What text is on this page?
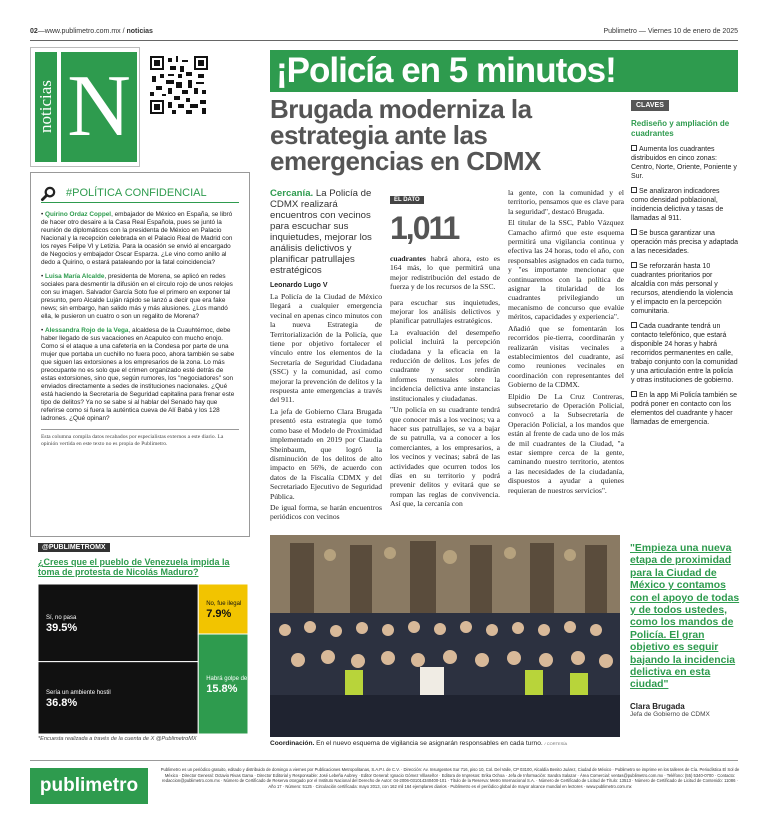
02—www.publimetro.com.mx / noticias	Publimetro — Viernes 10 de enero de 2025
noticias N	¡Policía en 5 minutos!
Brugada moderniza la estrategia ante las emergencias en CDMX
#POLÍTICA CONFIDENCIAL

• Quirino Ordaz Coppel, embajador de México en España, se libró de hacer otro desaire a la Casa Real Española, pues se juntó la reunión de diplomáticos con la presidenta de México en Palacio Nacional y la recepción celebrada en el Palacio Real de Madrid con los reyes Felipe VI y Letizia. Para la ocasión se envió al encargado de Negocios y embajador Oscar Esparza. ¿Le vino como anillo al dedo a Quirino, o estará pataleando por la fatal coincidencia?

• Luisa María Alcalde, presidenta de Morena, se aplicó en redes sociales para desmentir la difusión en el círculo rojo de unos relojes con su imagen. Salvador García Soto fue el primero en exponer tal presunto, pero Alcalde Luján rápido se lanzó a decir que era fake news; sin embargo, han salido más y más alusiones. ¿Los mandó ella, le pusieron un cuatro o son un regalito de Morena?

• Alessandra Rojo de la Vega, alcaldesa de la Cuauhtémoc, debe haber llegado de sus vacaciones en Acapulco con mucho enojo. Como si el ataque a una cafetería en la Condesa por parte de una mujer que portaba un cuchillo no fuera poco, ahora también se sabe que siguen las extorsiones a los empresarios de la zona. Lo más preocupante no es solo que el crimen organizado esté detrás de estas extorsiones, sino que, según rumores, los "negociadores" son enviados directamente a sedes de instituciones nacionales. ¿Qué está haciendo la Secretaría de Seguridad capitalina para frenar este tipo de delitos? Ya no se sabe si al hablar del Senado hay que referirse como si fuera la auténtica cueva de Alí Babá y los 128 ladrones. ¿Qué opinan?

Esta columna compila datos recabados por especialistas externos a este diario. La opinión vertida en este texto no es propia de Publimetro.
@PUBLIMETROMX
¿Crees que el pueblo de Venezuela impida la toma de protesta de Nicolás Maduro?
Sí, no pasa
39.5%
Sería un ambiente hostil
36.8%
No, fue ilegal
7.9%
Habrá golpe de estado
15.8%
*Encuesta realizada a través de la cuenta de X @PublimetroMX
CLAVES
Rediseño y ampliación de cuadrantes
Aumenta los cuadrantes distribuidos en cinco zonas: Centro, Norte, Oriente, Poniente y Sur.
Se analizaron indicadores como densidad poblacional, incidencia delictiva y tasas de llamadas al 911.
Se busca garantizar una operación más precisa y adaptada a las necesidades.
Se reforzarán hasta 10 cuadrantes prioritarios por alcaldía con más personal y recursos, atendiendo la violencia y el impacto en la percepción comunitaria.
Cada cuadrante tendrá un contacto telefónico, que estará disponible 24 horas y habrá recorridos permanentes en calle, trabajo conjunto con la comunidad y una articulación entre la policía y otras instituciones de gobierno.
En la app Mi Policía también se podrá poner en contacto con los elementos del cuadrante y hacer llamadas de emergencia.
Cercanía. La Policía de CDMX realizará encuentros con vecinos para escuchar sus inquietudes, mejorar los análisis delictivos y planificar patrullajes estratégicos
Leonardo Lugo V

La Policía de la Ciudad de México llegará a cualquier emergencia vecinal en apenas cinco minutos con la nueva Estrategia de Territorialización de la Policía, que tiene por objetivo fortalecer el vínculo entre los elementos de la Secretaría de Seguridad Ciudadana (SSC) y la comunidad, así como mejorar la prevención de delitos y la respuesta ante emergencias a través del 911.

La jefa de Gobierno Clara Brugada presentó esta estrategia que tomó como base el Modelo de Proximidad implementado en 2019 por Claudia Sheinbaum, que logró la disminución de los delitos de alto impacto en 56%, de acuerdo con datos de la Fiscalía CDMX y del Secretariado Ejecutivo de Seguridad Pública.

De igual forma, se harán encuentros periódicos con vecinos

EL DATO
1,011

cuadrantes habrá ahora, esto es 164 más, lo que permitirá una mejor redistribución del estado de fuerza y de los recursos de la SSC.

para escuchar sus inquietudes, mejorar los análisis delictivos y planificar patrullajes estratégicos.

La evaluación del desempeño policial incluirá la percepción ciudadana y la eficacia en la reducción de delitos. Los jefes de cuadrante y sector rendirán informes mensuales sobre la incidencia delictiva ante instancias institucionales y ciudadanas.

"Un policía en su cuadrante tendrá que conocer más a los vecinos; va a hacer sus patrullajes, se va a bajar de su patrulla, va a conocer a los comerciantes, a los empresarios, a los vecinos y vecinas; sabrá de las actividades que ocurren todos los días en su territorio y podrá prevenir delitos y evitará que se rompan las reglas de convivencia. Así que, la cercanía con

la gente, con la comunidad y el territorio, pensamos que es clave para la seguridad", destacó Brugada.

El titular de la SSC, Pablo Vázquez Camacho afirmó que este esquema permitirá una vigilancia continua y efectiva las 24 horas, todo el año, con responsables asignados en cada turno, y "es importante mencionar que continuaremos con la política de asignar la titularidad de los cuadrantes privilegiando un mecanismo de concurso que evalúe méritos, capacidades y experiencia".

Añadió que se fomentarán los recorridos pie-tierra, coordinarán y realizarán visitas vecinales a establecimientos del cuadrante, así como reuniones vecinales en coordinación con representantes del Gobierno de la CDMX.

Elpidio De La Cruz Contreras, subsecretario de Operación Policial, convocó a la Subsecretaría de Operación Policial, a los mandos que están al frente de cada uno de los más de mil cuadrantes de la Ciudad, "a estar siempre cerca de la gente, caminando nuestro territorio, atentos a las necesidades de la ciudadanía, dispuestos a ayudar a quienes requieran de nuestros servicios".

Coordinación. En el nuevo esquema de vigilancia se asignarán responsables en cada turno. / CORTESÍA
"Empieza una nueva etapa de proximidad para la Ciudad de México y contamos con el apoyo de todas y de todos ustedes, como los mandos de Policía. El gran objetivo es seguir bajando la incidencia delictiva en esta ciudad"
Clara Brugada
Jefa de Gobierno de CDMX
publimetro
Publimetro es un periódico gratuito, editado y distribuido de domingo a viernes por Publicaciones Metropolitanas, S.A.P.I. de C.V. · Dirección: Av. Insurgentes Sur 716, piso 10, Col. Del Valle, CP 03100, Alcaldía Benito Juárez, Ciudad de México · Publimetro se imprime en los talleres de Cía. Periodística El Sol de México · Director General: Octavio Rivas Gama · Director Editorial y Responsable: José Lebeña Aubrey · Editor General: Ignacio Gómez Villaseñor · Editora de Impresos: Erika Ochoa · Jefa de Información: Sandra Salazar · Área Comercial: ventas@publimetro.com.mx · Teléfono: (55) 5340-0700 · Contacto: redaccion@publimetro.com.mx · Número de Certificado de Reserva otorgado por el Instituto Nacional del Derecho de Autor: 04-2006-031014340400-101 · Título de la Reserva: Metro Internacional S.A. · Número de Certificado de Licitud de Título: 13513 · Número de Certificado de Licitud de Contenido: 11086 · Año 17 · Número: 5125 · Circulación certificada: mayo 2013, con 162 mil 164 ejemplares diarios · Publimetro es el periódico global de mayor alcance mundial en lectores · www.publimetro.com.mx
